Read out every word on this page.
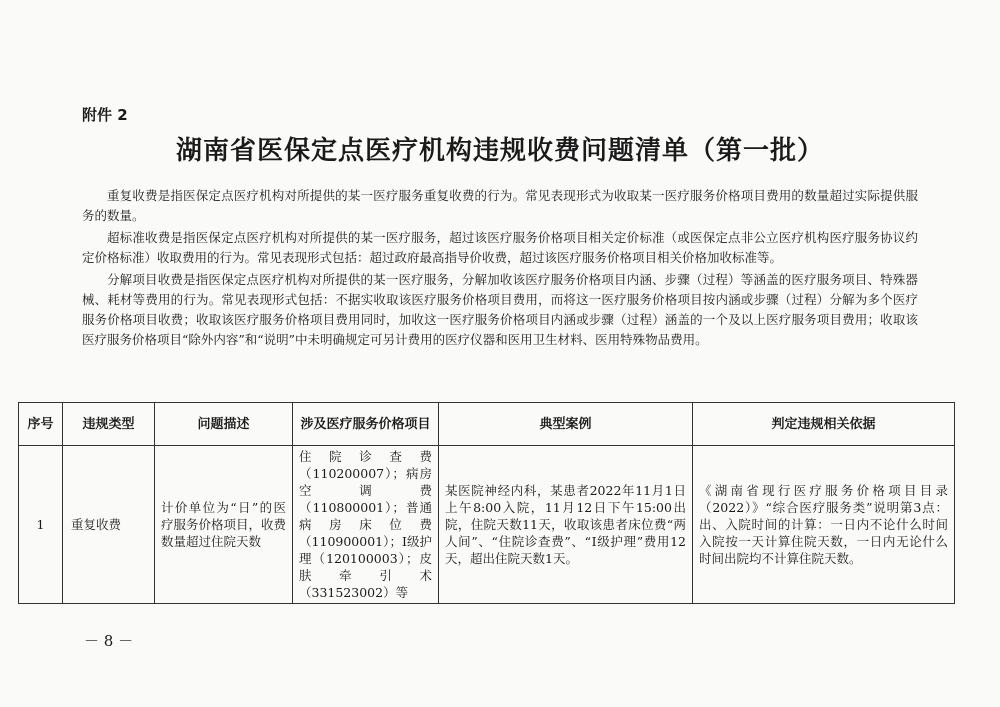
附件 2
湖南省医保定点医疗机构违规收费问题清单（第一批）

重复收费是指医保定点医疗机构对所提供的某一医疗服务重复收费的行为。常见表现形式为收取某一医疗服务价格项目费用的数量超过实际提供服务的数量。

超标准收费是指医保定点医疗机构对所提供的某一医疗服务，超过该医疗服务价格项目相关定价标准（或医保定点非公立医疗机构医疗服务协议约定价格标准）收取费用的行为。常见表现形式包括：超过政府最高指导价收费，超过该医疗服务价格项目相关价格加收标准等。

分解项目收费是指医保定点医疗机构对所提供的某一医疗服务，分解加收该医疗服务价格项目内涵、步骤（过程）等涵盖的医疗服务项目、特殊器械、耗材等费用的行为。常见表现形式包括：不据实收取该医疗服务价格项目费用，而将这一医疗服务价格项目按内涵或步骤（过程）分解为多个医疗服务价格项目收费；收取该医疗服务价格项目费用同时，加收这一医疗服务价格项目内涵或步骤（过程）涵盖的一个及以上医疗服务项目费用；收取该医疗服务价格项目“除外内容”和“说明”中未明确规定可另计费用的医疗仪器和医用卫生材料、医用特殊物品费用。

序号	违规类型	问题描述	涉及医疗服务价格项目	典型案例	判定违规相关依据
1	重复收费	计价单位为“日”的医疗服务价格项目，收费数量超过住院天数	住院诊查费（110200007）；病房空调费（110800001）；普通病房床位费（110900001）；Ⅰ级护理（120100003）；皮肤牵引术（331523002）等	某医院神经内科，某患者2022年11月1日上午8:00入院，11月12日下午15:00出院，住院天数11天，收取该患者床位费“两人间”、“住院诊查费”、“Ⅰ级护理”费用12天，超出住院天数1天。	《湖南省现行医疗服务价格项目目录（2022）》“综合医疗服务类”说明第3点：出、入院时间的计算：一日内不论什么时间入院按一天计算住院天数，一日内无论什么时间出院均不计算住院天数。
－ 8 －
